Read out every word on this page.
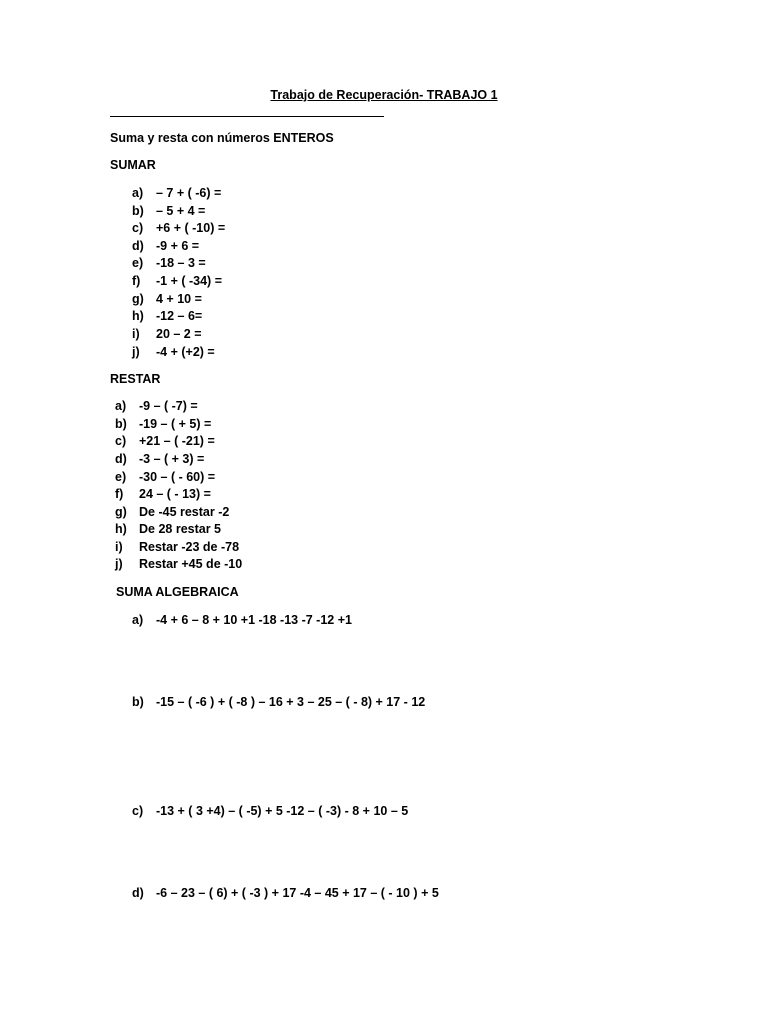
Trabajo de Recuperación- TRABAJO 1
Suma y resta con números ENTEROS
SUMAR
a) – 7 + ( -6) =
b) – 5 + 4 =
c) +6 + ( -10) =
d) -9 + 6 =
e) -18 – 3 =
f) -1 + ( -34) =
g) 4 + 10 =
h) -12 – 6=
i) 20 – 2 =
j) -4 + (+2) =
RESTAR
a) -9 – ( -7) =
b) -19 – ( + 5) =
c) +21 – ( -21) =
d) -3 – ( + 3) =
e) -30 – ( - 60) =
f) 24 – ( - 13) =
g) De -45 restar -2
h) De 28 restar 5
i) Restar -23 de -78
j) Restar +45 de -10
SUMA ALGEBRAICA
a) -4 + 6 – 8 + 10 +1 -18 -13 -7 -12 +1
b) -15 – ( -6 ) + ( -8 ) – 16 + 3 – 25 – ( - 8) + 17 - 12
c) -13 + ( 3 +4) – ( -5) + 5 -12 – ( -3) - 8 + 10 – 5
d) -6 – 23 – ( 6) + ( -3 ) + 17 -4 – 45 + 17 – ( - 10 ) + 5
